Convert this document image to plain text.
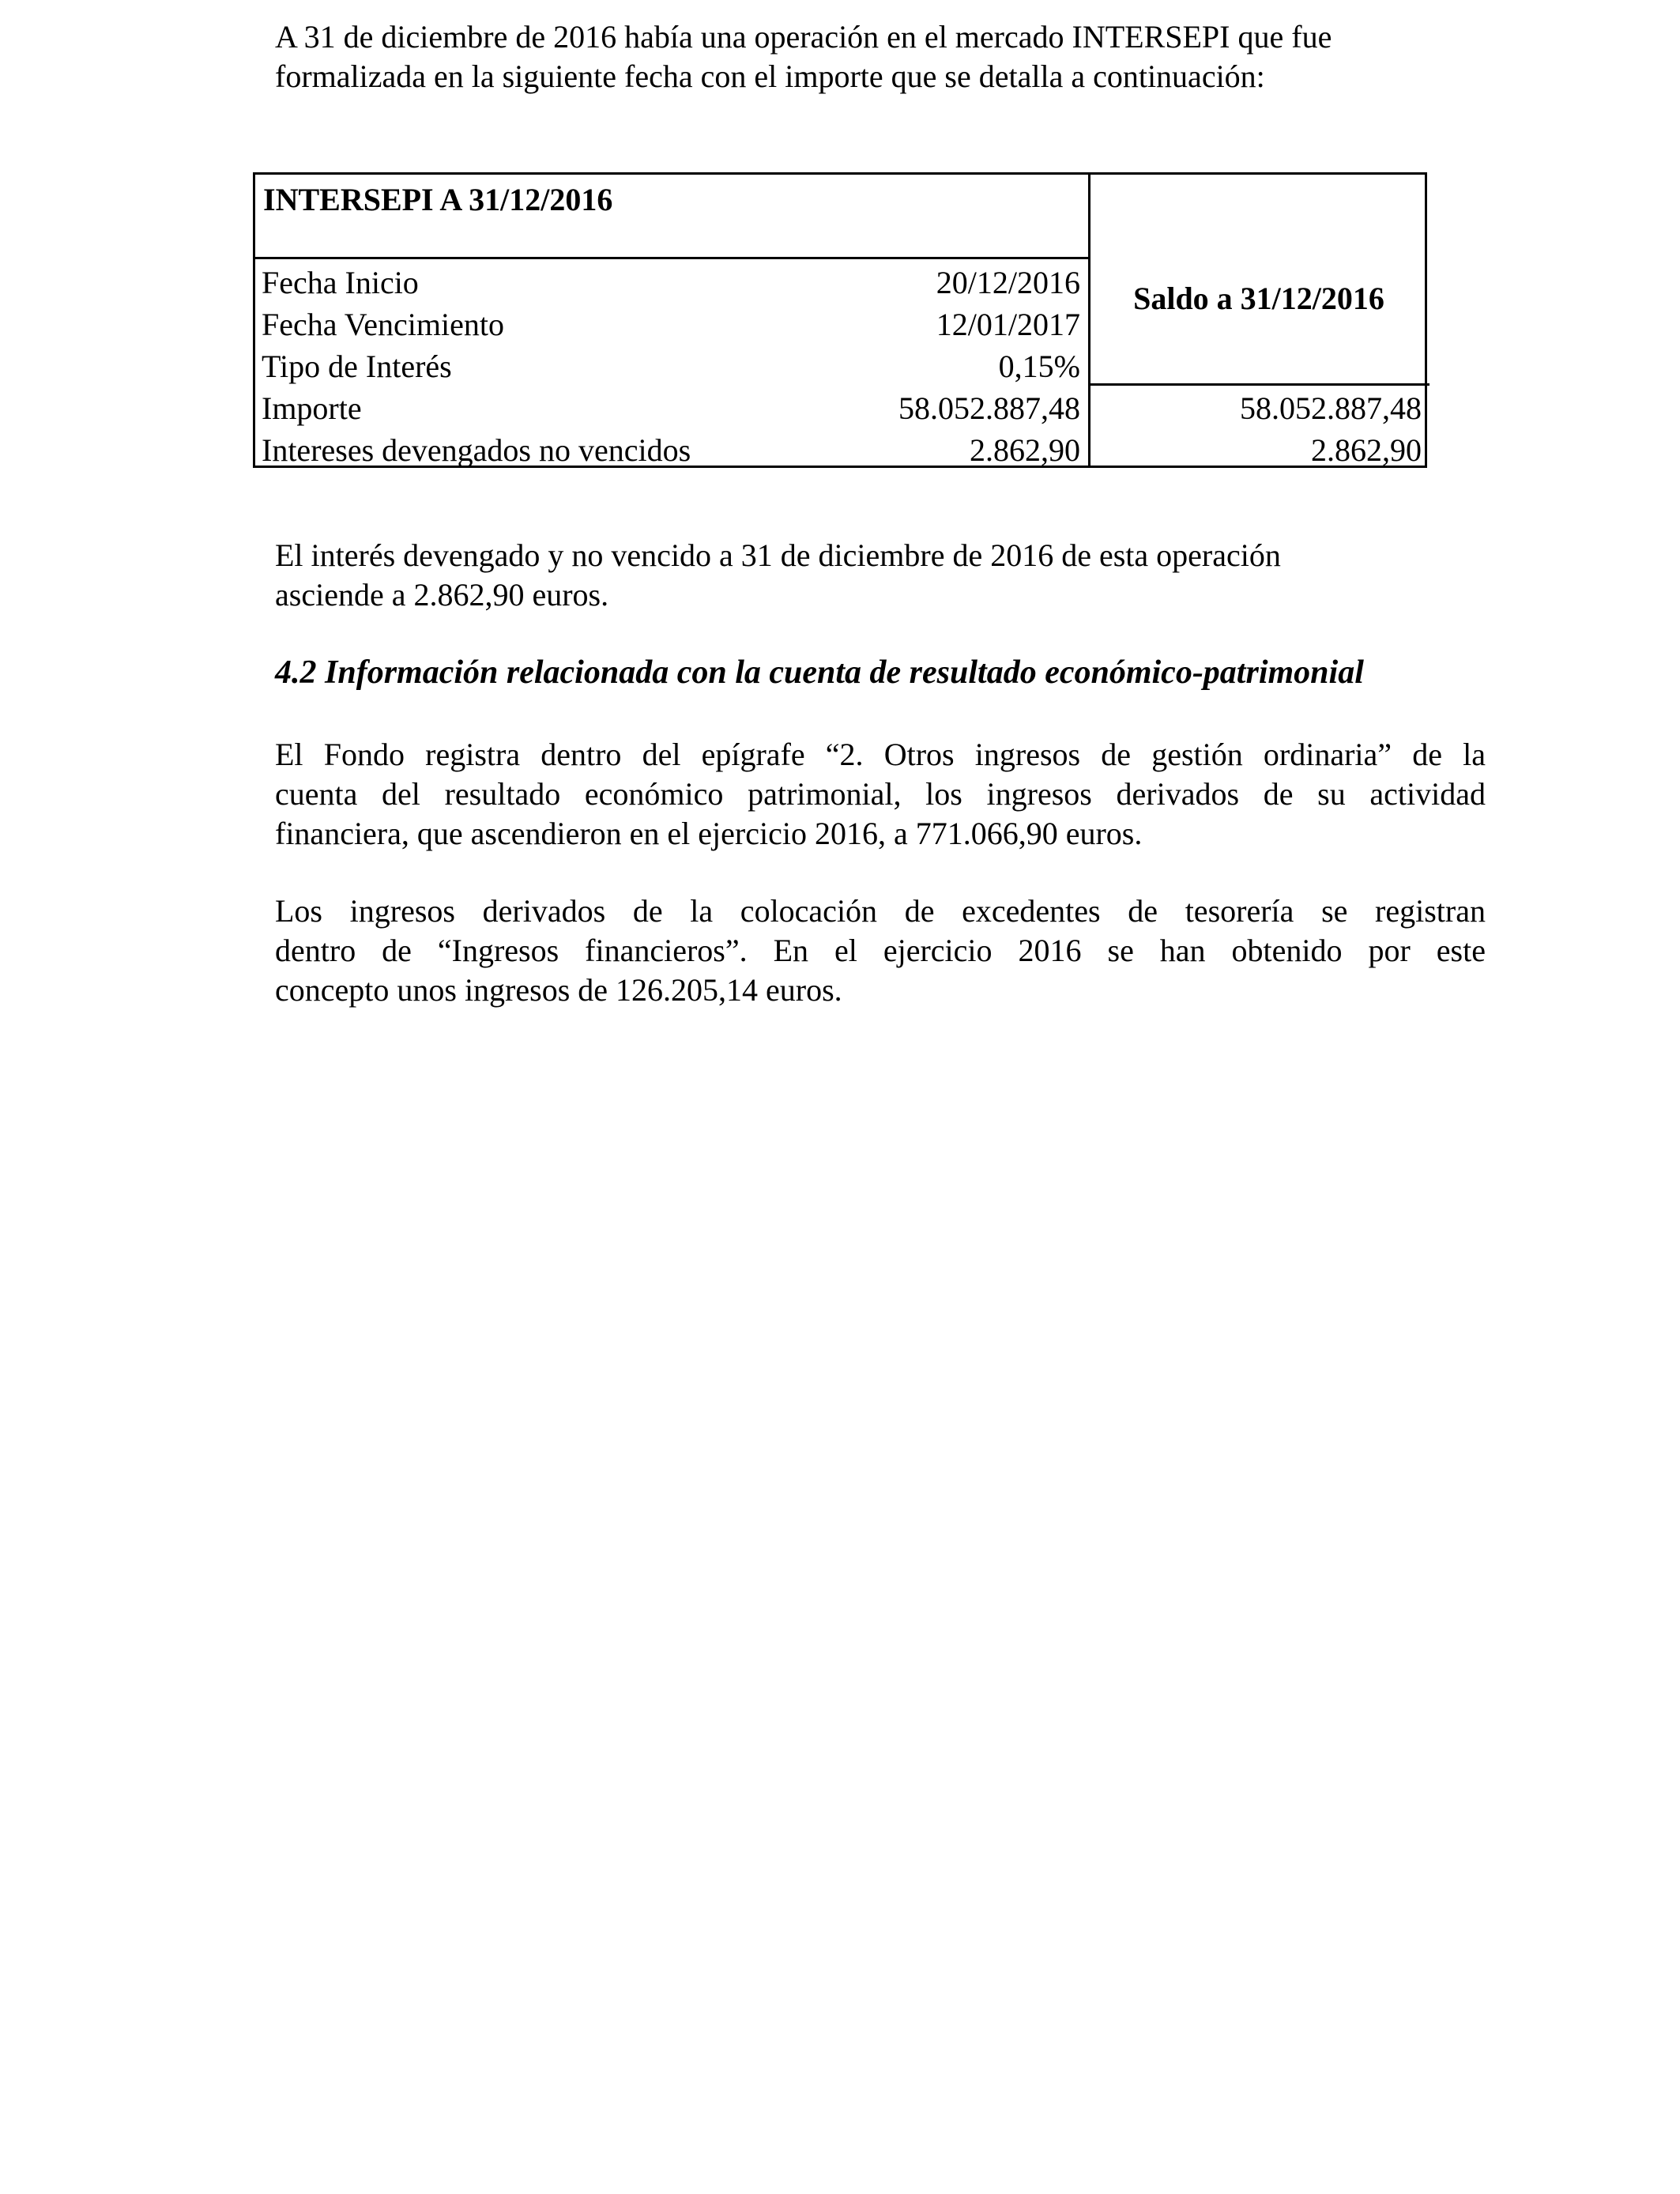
A 31 de diciembre de 2016 había una operación en el mercado INTERSEPI que fue
formalizada en la siguiente fecha con el importe que se detalla a continuación:

INTERSEPI A 31/12/2016
Saldo a 31/12/2016
Fecha Inicio	20/12/2016
Fecha Vencimiento	12/01/2017
Tipo de Interés	0,15%
Importe	58.052.887,48	58.052.887,48
Intereses devengados no vencidos	2.862,90	2.862,90

El interés devengado y no vencido a 31 de diciembre de 2016 de esta operación
asciende a 2.862,90 euros.

4.2 Información relacionada con la cuenta de resultado económico-patrimonial

El Fondo registra dentro del epígrafe “2. Otros ingresos de gestión ordinaria” de la
cuenta del resultado económico patrimonial, los ingresos derivados de su actividad
financiera, que ascendieron en el ejercicio 2016, a 771.066,90 euros.

Los ingresos derivados de la colocación de excedentes de tesorería se registran
dentro de “Ingresos financieros”. En el ejercicio 2016 se han obtenido por este
concepto unos ingresos de 126.205,14 euros.
